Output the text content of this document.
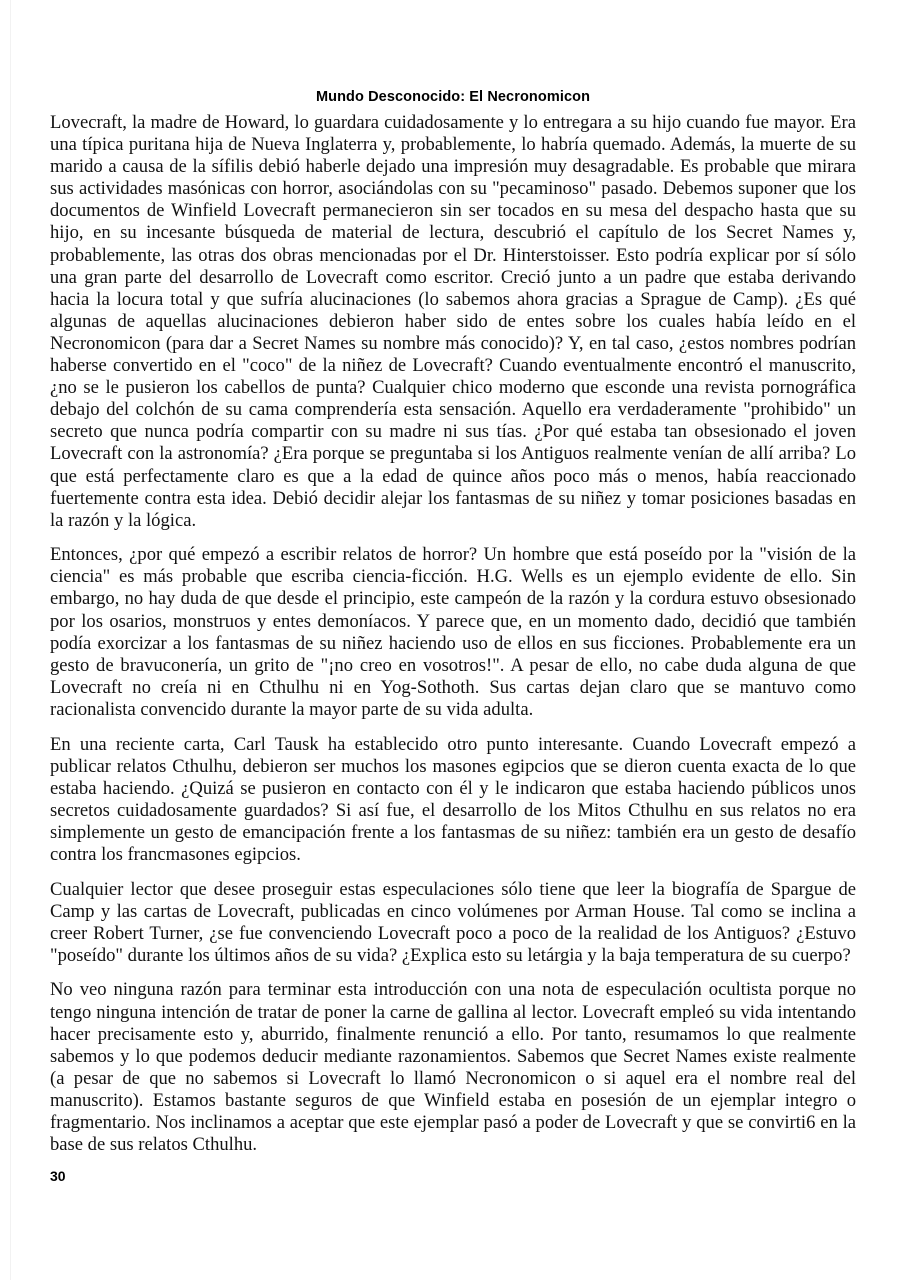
Mundo Desconocido: El Necronomicon

Lovecraft, la madre de Howard, lo guardara cuidadosamente y lo entregara a su hijo cuando fue mayor. Era una típica puritana hija de Nueva Inglaterra y, probablemente, lo habría quemado. Además, la muerte de su marido a causa de la sífilis debió haberle dejado una impresión muy desagradable. Es probable que mirara sus actividades masónicas con horror, asociándolas con su "pecaminoso" pasado. Debemos suponer que los documentos de Winfield Lovecraft permanecieron sin ser tocados en su mesa del despacho hasta que su hijo, en su incesante búsqueda de material de lectura, descubrió el capítulo de los Secret Names y, probablemente, las otras dos obras mencionadas por el Dr. Hinterstoisser. Esto podría explicar por sí sólo una gran parte del desarrollo de Lovecraft como escritor. Creció junto a un padre que estaba derivando hacia la locura total y que sufría alucinaciones (lo sabemos ahora gracias a Sprague de Camp). ¿Es qué algunas de aquellas alucinaciones debieron haber sido de entes sobre los cuales había leído en el Necronomicon (para dar a Secret Names su nombre más conocido)? Y, en tal caso, ¿estos nombres podrían haberse convertido en el "coco" de la niñez de Lovecraft? Cuando eventualmente encontró el manuscrito, ¿no se le pusieron los cabellos de punta? Cualquier chico moderno que esconde una revista pornográfica debajo del colchón de su cama comprendería esta sensación. Aquello era verdaderamente "prohibido" un secreto que nunca podría compartir con su madre ni sus tías. ¿Por qué estaba tan obsesionado el joven Lovecraft con la astronomía? ¿Era porque se preguntaba si los Antiguos realmente venían de allí arriba? Lo que está perfectamente claro es que a la edad de quince años poco más o menos, había reaccionado fuertemente contra esta idea. Debió decidir alejar los fantasmas de su niñez y tomar posiciones basadas en la razón y la lógica.

Entonces, ¿por qué empezó a escribir relatos de horror? Un hombre que está poseído por la "visión de la ciencia" es más probable que escriba ciencia-ficción. H.G. Wells es un ejemplo evidente de ello. Sin embargo, no hay duda de que desde el principio, este campeón de la razón y la cordura estuvo obsesionado por los osarios, monstruos y entes demoníacos. Y parece que, en un momento dado, decidió que también podía exorcizar a los fantasmas de su niñez haciendo uso de ellos en sus ficciones. Probablemente era un gesto de bravuconería, un grito de "¡no creo en vosotros!". A pesar de ello, no cabe duda alguna de que Lovecraft no creía ni en Cthulhu ni en Yog-Sothoth. Sus cartas dejan claro que se mantuvo como racionalista convencido durante la mayor parte de su vida adulta.

En una reciente carta, Carl Tausk ha establecido otro punto interesante. Cuando Lovecraft empezó a publicar relatos Cthulhu, debieron ser muchos los masones egipcios que se dieron cuenta exacta de lo que estaba haciendo. ¿Quizá se pusieron en contacto con él y le indicaron que estaba haciendo públicos unos secretos cuidadosamente guardados? Si así fue, el desarrollo de los Mitos Cthulhu en sus relatos no era simplemente un gesto de emancipación frente a los fantasmas de su niñez: también era un gesto de desafío contra los francmasones egipcios.

Cualquier lector que desee proseguir estas especulaciones sólo tiene que leer la biografía de Spargue de Camp y las cartas de Lovecraft, publicadas en cinco volúmenes por Arman House. Tal como se inclina a creer Robert Turner, ¿se fue convenciendo Lovecraft poco a poco de la realidad de los Antiguos? ¿Estuvo "poseído" durante los últimos años de su vida? ¿Explica esto su letárgia y la baja temperatura de su cuerpo?

No veo ninguna razón para terminar esta introducción con una nota de especulación ocultista porque no tengo ninguna intención de tratar de poner la carne de gallina al lector. Lovecraft empleó su vida intentando hacer precisamente esto y, aburrido, finalmente renunció a ello. Por tanto, resumamos lo que realmente sabemos y lo que podemos deducir mediante razonamientos. Sabemos que Secret Names existe realmente (a pesar de que no sabemos si Lovecraft lo llamó Necronomicon o si aquel era el nombre real del manuscrito). Estamos bastante seguros de que Winfield estaba en posesión de un ejemplar integro o fragmentario. Nos inclinamos a aceptar que este ejemplar pasó a poder de Lovecraft y que se convirti6 en la base de sus relatos Cthulhu.

30
